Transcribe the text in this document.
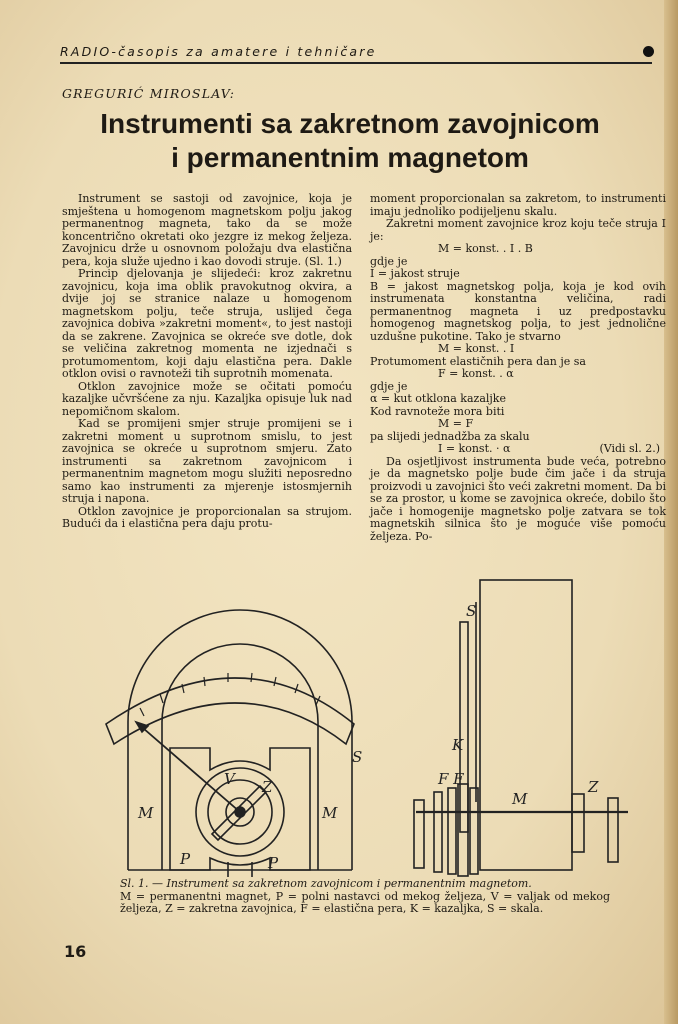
RADIO-časopis za amatere i tehničare
GREGURIĆ MIROSLAV:
Instrumenti sa zakretnom zavojnicom
i permanentnim magnetom

Instrument se sastoji od zavojnice, koja je smještena u homogenom magnetskom polju jakog permanentnog magneta, tako da se može koncentrično okretati oko jezgre iz mekog željeza. Zavojnicu drže u osnovnom položaju dva elastična pera, koja služe ujedno i kao dovodi struje. (Sl. 1.)

Princip djelovanja je slijedeći: kroz zakretnu zavojnicu, koja ima oblik pravokutnog okvira, a dvije joj se stranice nalaze u homogenom magnetskom polju, teče struja, uslijed čega zavojnica dobiva »zakretni moment«, to jest nastoji da se zakrene. Zavojnica se okreće sve dotle, dok se veličina zakretnog momenta ne izjednači s protumomentom, koji daju elastična pera. Dakle otklon ovisi o ravnoteži tih suprotnih momenata.

Otklon zavojnice može se očitati pomoću kazaljke učvršćene za nju. Kazaljka opisuje luk nad nepomičnom skalom.

Kad se promijeni smjer struje promijeni se i zakretni moment u suprotnom smislu, to jest zavojnica se okreće u suprotnom smjeru. Zato instrumenti sa zakretnom zavojnicom i permanentnim magnetom mogu služiti neposredno samo kao instrumenti za mjerenje istosmjernih struja i napona.

Otklon zavojnice je proporcionalan sa strujom. Budući da i elastična pera daju protu-

moment proporcionalan sa zakretom, to instrumenti imaju jednoliko podijeljenu skalu.

Zakretni moment zavojnice kroz koju teče struja I je:

M = konst. . I . B

gdje je

I = jakost struje

B = jakost magnetskog polja, koja je kod ovih instrumenata konstantna veličina, radi permanentnog magneta i uz predpostavku homogenog magnetskog polja, to jest jednolične uzdušne pukotine. Tako je stvarno

M = konst. . I

Protumoment elastičnih pera dan je sa

F = konst. . α

gdje je

α = kut otklona kazaljke

Kod ravnoteže mora biti

M = F

pa slijedi jednadžba za skalu

I = konst. · α	(Vidi sl. 2.)

Da osjetljivost instrumenta bude veća, potrebno je da magnetsko polje bude čim jače i da struja proizvodi u zavojnici što veći zakretni moment. Da bi se za prostor, u kome se zavojnica okreće, dobilo što jače i homogenije magnetsko polje zatvara se tok magnetskih silnica što je moguće više pomoću željeza. Po-

S
M	M
P	P
V Z
S
K
F F
M
Z
Sl. 1. — Instrument sa zakretnom zavojnicom i permanentnim magnetom.
M = permanentni magnet, P = polni nastavci od mekog željeza, V = valjak od mekog željeza, Z = zakretna zavojnica, F = elastična pera, K = kazaljka, S = skala.
16
